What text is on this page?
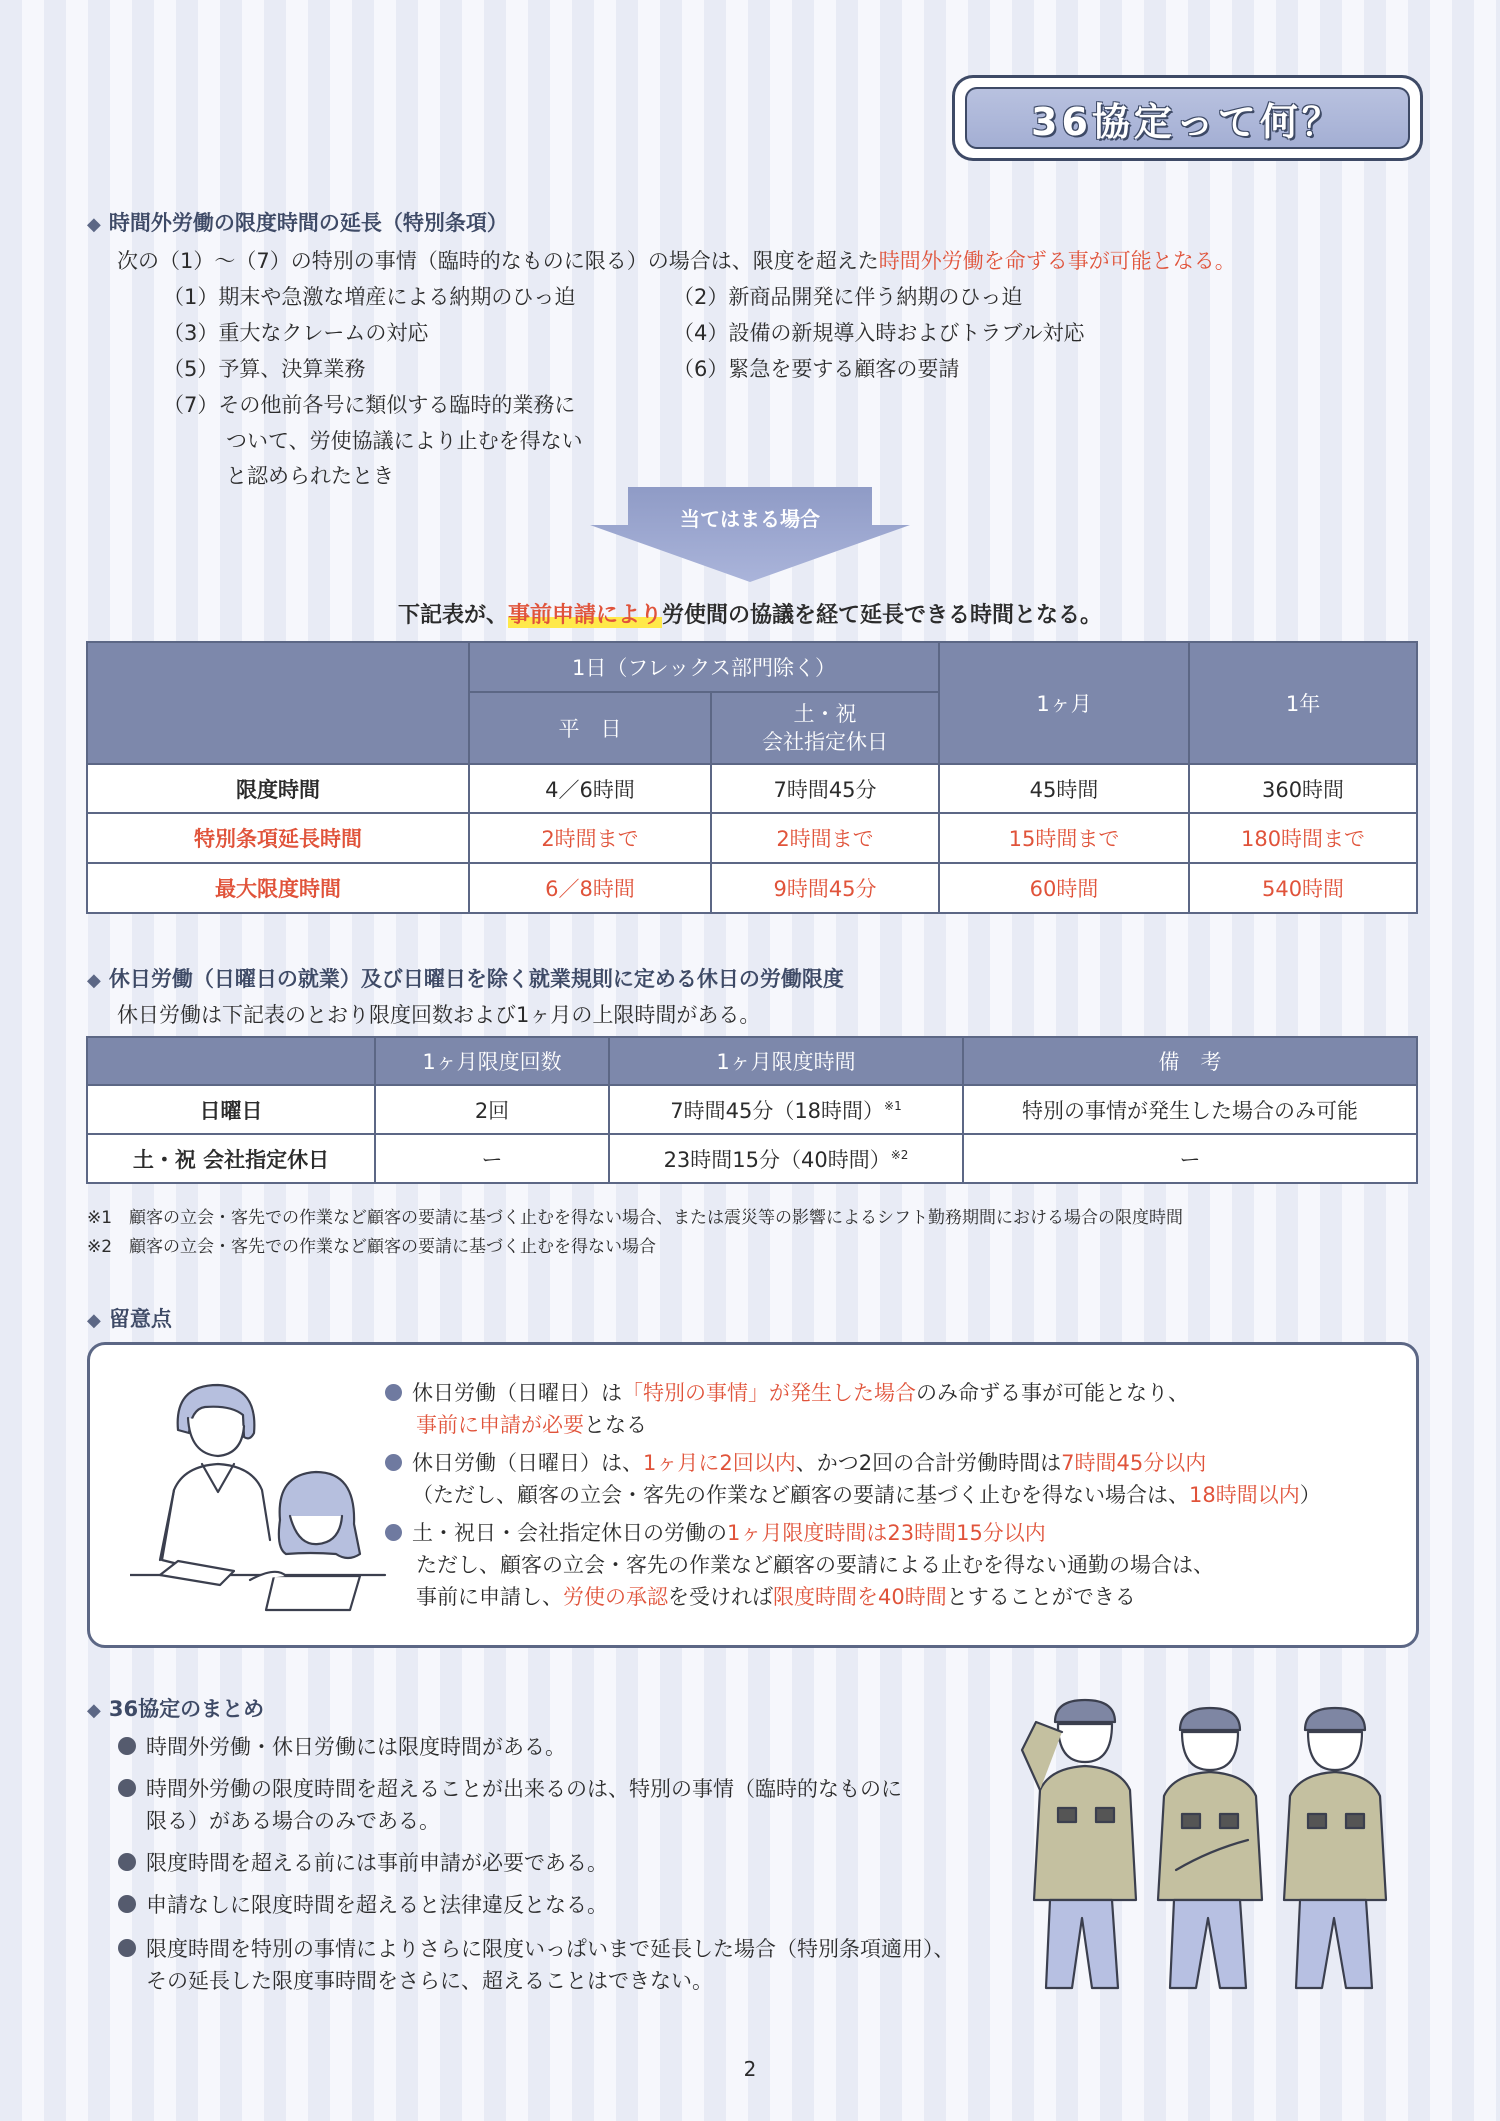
36協定って何？
◆ 時間外労働の限度時間の延長（特別条項）
次の（1）～（7）の特別の事情（臨時的なものに限る）の場合は、限度を超えた時間外労働を命ずる事が可能となる。
（1）期末や急激な増産による納期のひっ迫	（2）新商品開発に伴う納期のひっ迫
（3）重大なクレームの対応	（4）設備の新規導入時およびトラブル対応
（5）予算、決算業務	（6）緊急を要する顧客の要請
（7）その他前各号に類似する臨時的業務に
ついて、労使協議により止むを得ない
と認められたとき
当てはまる場合
下記表が、事前申請により労使間の協議を経て延長できる時間となる。
	1日（フレックス部門除く）		1ヶ月	1年
	平　日	土・祝
会社指定休日		
限度時間	4／6時間	7時間45分	45時間	360時間
特別条項延長時間	2時間まで	2時間まで	15時間まで	180時間まで
最大限度時間	6／8時間	9時間45分	60時間	540時間
◆ 休日労働（日曜日の就業）及び日曜日を除く就業規則に定める休日の労働限度
休日労働は下記表のとおり限度回数および1ヶ月の上限時間がある。
	1ヶ月限度回数	1ヶ月限度時間	備　考
日曜日	2回	7時間45分（18時間）$^{※1}$	特別の事情が発生した場合のみ可能
土・祝 会社指定休日	ー	23時間15分（40時間）$^{※2}$	ー
※1　顧客の立会・客先での作業など顧客の要請に基づく止むを得ない場合、または震災等の影響によるシフト勤務期間における場合の限度時間
※2　顧客の立会・客先での作業など顧客の要請に基づく止むを得ない場合
◆ 留意点
休日労働（日曜日）は「特別の事情」が発生した場合のみ命ずる事が可能となり、
事前に申請が必要となる
休日労働（日曜日）は、1ヶ月に2回以内、かつ2回の合計労働時間は7時間45分以内
（ただし、顧客の立会・客先の作業など顧客の要請に基づく止むを得ない場合は、18時間以内）
土・祝日・会社指定休日の労働の1ヶ月限度時間は23時間15分以内
ただし、顧客の立会・客先の作業など顧客の要請による止むを得ない通勤の場合は、
事前に申請し、労使の承認を受ければ限度時間を40時間とすることができる
◆ 36協定のまとめ
時間外労働・休日労働には限度時間がある。
時間外労働の限度時間を超えることが出来るのは、特別の事情（臨時的なものに
限る）がある場合のみである。
限度時間を超える前には事前申請が必要である。
申請なしに限度時間を超えると法律違反となる。
限度時間を特別の事情によりさらに限度いっぱいまで延長した場合（特別条項適用）、
その延長した限度事時間をさらに、超えることはできない。
2
